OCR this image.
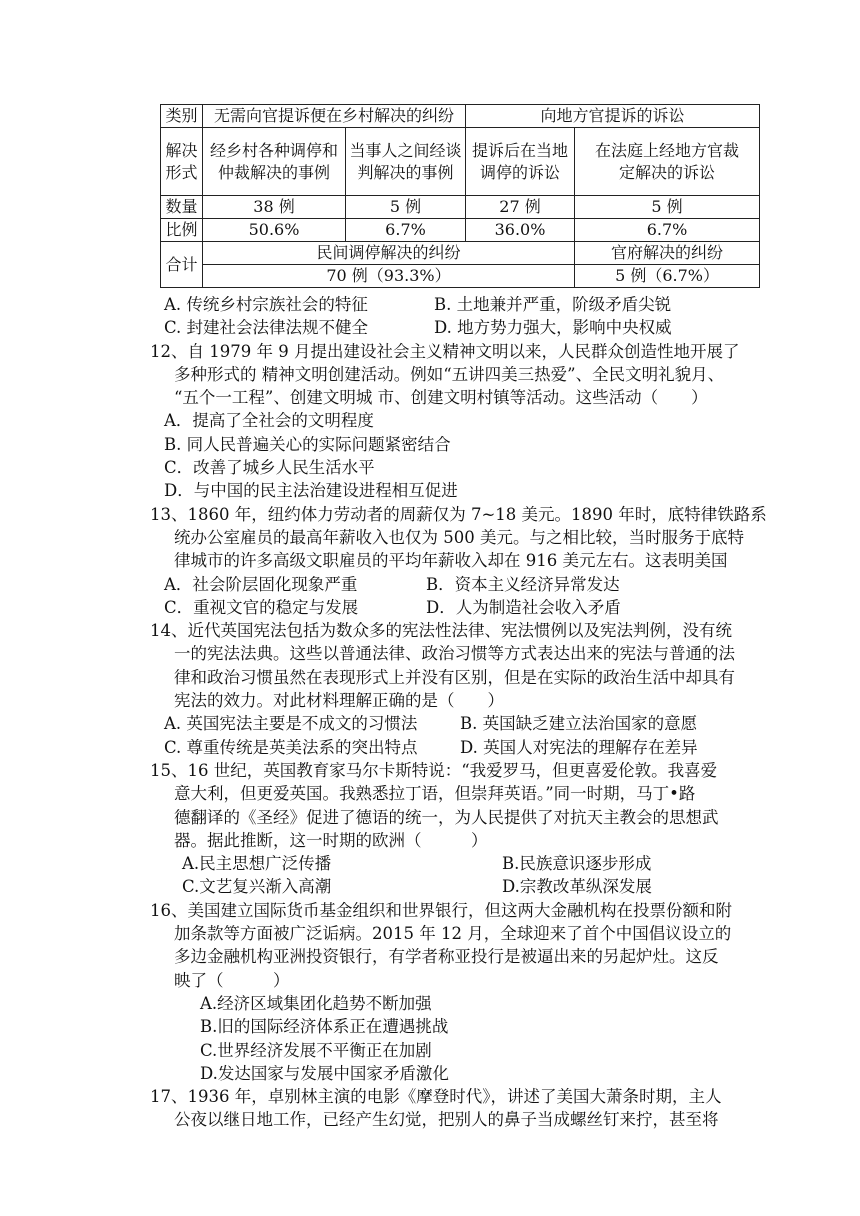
类别	无需向官提诉便在乡村解决的纠纷		向地方官提诉的诉讼	
解决形式	经乡村各种调停和仲裁解决的事例	当事人之间经谈判解决的事例	提诉后在当地调停的诉讼	在法庭上经地方官裁定解决的诉讼
数量	38 例	5 例	27 例	5 例
比例	50.6%	6.7%	36.0%	6.7%
合计	民间调停解决的纠纷			官府解决的纠纷
	70 例（93.3%）			5 例（6.7%）
A. 传统乡村宗族社会的特征	B. 土地兼并严重，阶级矛盾尖锐
C. 封建社会法律法规不健全	D. 地方势力强大，影响中央权威
12、自 1979 年 9 月提出建设社会主义精神文明以来，人民群众创造性地开展了
多种形式的 精神文明创建活动。例如“五讲四美三热爱”、全民文明礼貌月、
“五个一工程”、创建文明城 市、创建文明村镇等活动。这些活动（　　）
A．提高了全社会的文明程度
B. 同人民普遍关心的实际问题紧密结合
C．改善了城乡人民生活水平
D．与中国的民主法治建设进程相互促进
13、1860 年，纽约体力劳动者的周薪仅为 7~18 美元。1890 年时，底特律铁路系
统办公室雇员的最高年薪收入也仅为 500 美元。与之相比较，当时服务于底特
律城市的许多高级文职雇员的平均年薪收入却在 916 美元左右。这表明美国
A．社会阶层固化现象严重	B．资本主义经济异常发达
C．重视文官的稳定与发展	D．人为制造社会收入矛盾
14、近代英国宪法包括为数众多的宪法性法律、宪法惯例以及宪法判例，没有统
一的宪法法典。这些以普通法律、政治习惯等方式表达出来的宪法与普通的法
律和政治习惯虽然在表现形式上并没有区别，但是在实际的政治生活中却具有
宪法的效力。对此材料理解正确的是（　　）
A. 英国宪法主要是不成文的习惯法	B. 英国缺乏建立法治国家的意愿
C. 尊重传统是英美法系的突出特点	D. 英国人对宪法的理解存在差异
15、16 世纪，英国教育家马尔卡斯特说：“我爱罗马，但更喜爱伦敦。我喜爱
意大利，但更爱英国。我熟悉拉丁语，但崇拜英语。”同一时期，马丁•路
德翻译的《圣经》促进了德语的统一，为人民提供了对抗天主教会的思想武
器。据此推断，这一时期的欧洲（　　　）
A.民主思想广泛传播	B.民族意识逐步形成
C.文艺复兴渐入高潮	D.宗教改革纵深发展
16、美国建立国际货币基金组织和世界银行，但这两大金融机构在投票份额和附
加条款等方面被广泛诟病。2015 年 12 月，全球迎来了首个中国倡议设立的
多边金融机构亚洲投资银行，有学者称亚投行是被逼出来的另起炉灶。这反
映了（　　　）
A.经济区域集团化趋势不断加强
B.旧的国际经济体系正在遭遇挑战
C.世界经济发展不平衡正在加剧
D.发达国家与发展中国家矛盾激化
17、1936 年，卓别林主演的电影《摩登时代》，讲述了美国大萧条时期，主人
公夜以继日地工作，已经产生幻觉，把别人的鼻子当成螺丝钉来拧，甚至将
